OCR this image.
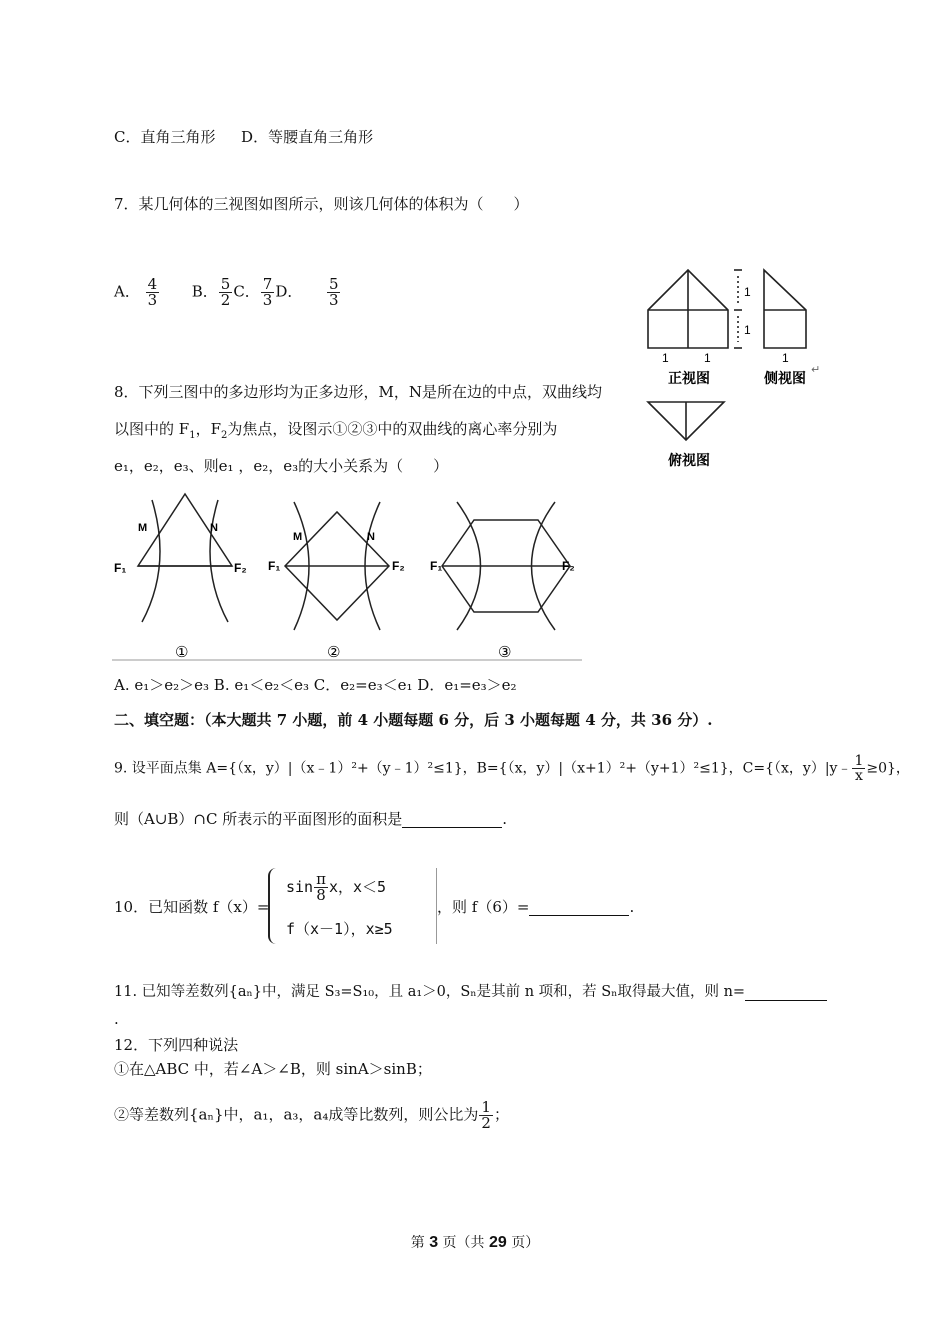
C．直角三角形 D．等腰直角三角形
7．某几何体的三视图如图所示，则该几何体的体积为（　　）
A． $\frac{4}{3}$ B． $\frac{5}{2}$ C． $\frac{7}{3}$ D． $\frac{5}{3}$	1
1
1	1	1
正视图	侧视图 ↵
俯视图
8．下列三图中的多边形均为正多边形，M，N是所在边的中点，双曲线均
以图中的 $F_1$，$F_2$为焦点，设图示①②③中的双曲线的离心率分别为
e₁，e₂，e₃、则e₁ ，e₂，e₃的大小关系为（　　）
M	N
F₁	F₂
M	N
F₁	F₂ F₁	F₂
①	②	③
A. e₁＞e₂＞e₃ B. e₁＜e₂＜e₃ C．e₂=e₃＜e₁ D．e₁=e₃＞e₂
二、填空题：（本大题共 7 小题，前 4 小题每题 6 分，后 3 小题每题 4 分，共 36 分）.
9. 设平面点集 A={（x，y）|（x﹣1）²+（y﹣1）²≤1}，B={（x，y）|（x+1）²+（y+1）²≤1}，C={（x，y）|y﹣ $\frac{1}{x} \ge 0$}，
则（A∪B）∩C 所表示的平面图形的面积是	.
10．已知函数 f（x）=
$\sin \frac{\pi}{8}$ x，x＜5
f（x－1），x≥5
，则 f（6）=	.
11. 已知等差数列{aₙ}中，满足 S₃=S₁₀，且 a₁＞0，Sₙ是其前 n 项和，若 Sₙ取得最大值，则 n=
.
12．下列四种说法
①在△ABC 中，若∠A＞∠B，则 sinA＞sinB；
②等差数列{aₙ}中，a₁，a₃，a₄成等比数列，则公比为 $\frac{1}{2}$ ；
第 3 页（共 29 页）
